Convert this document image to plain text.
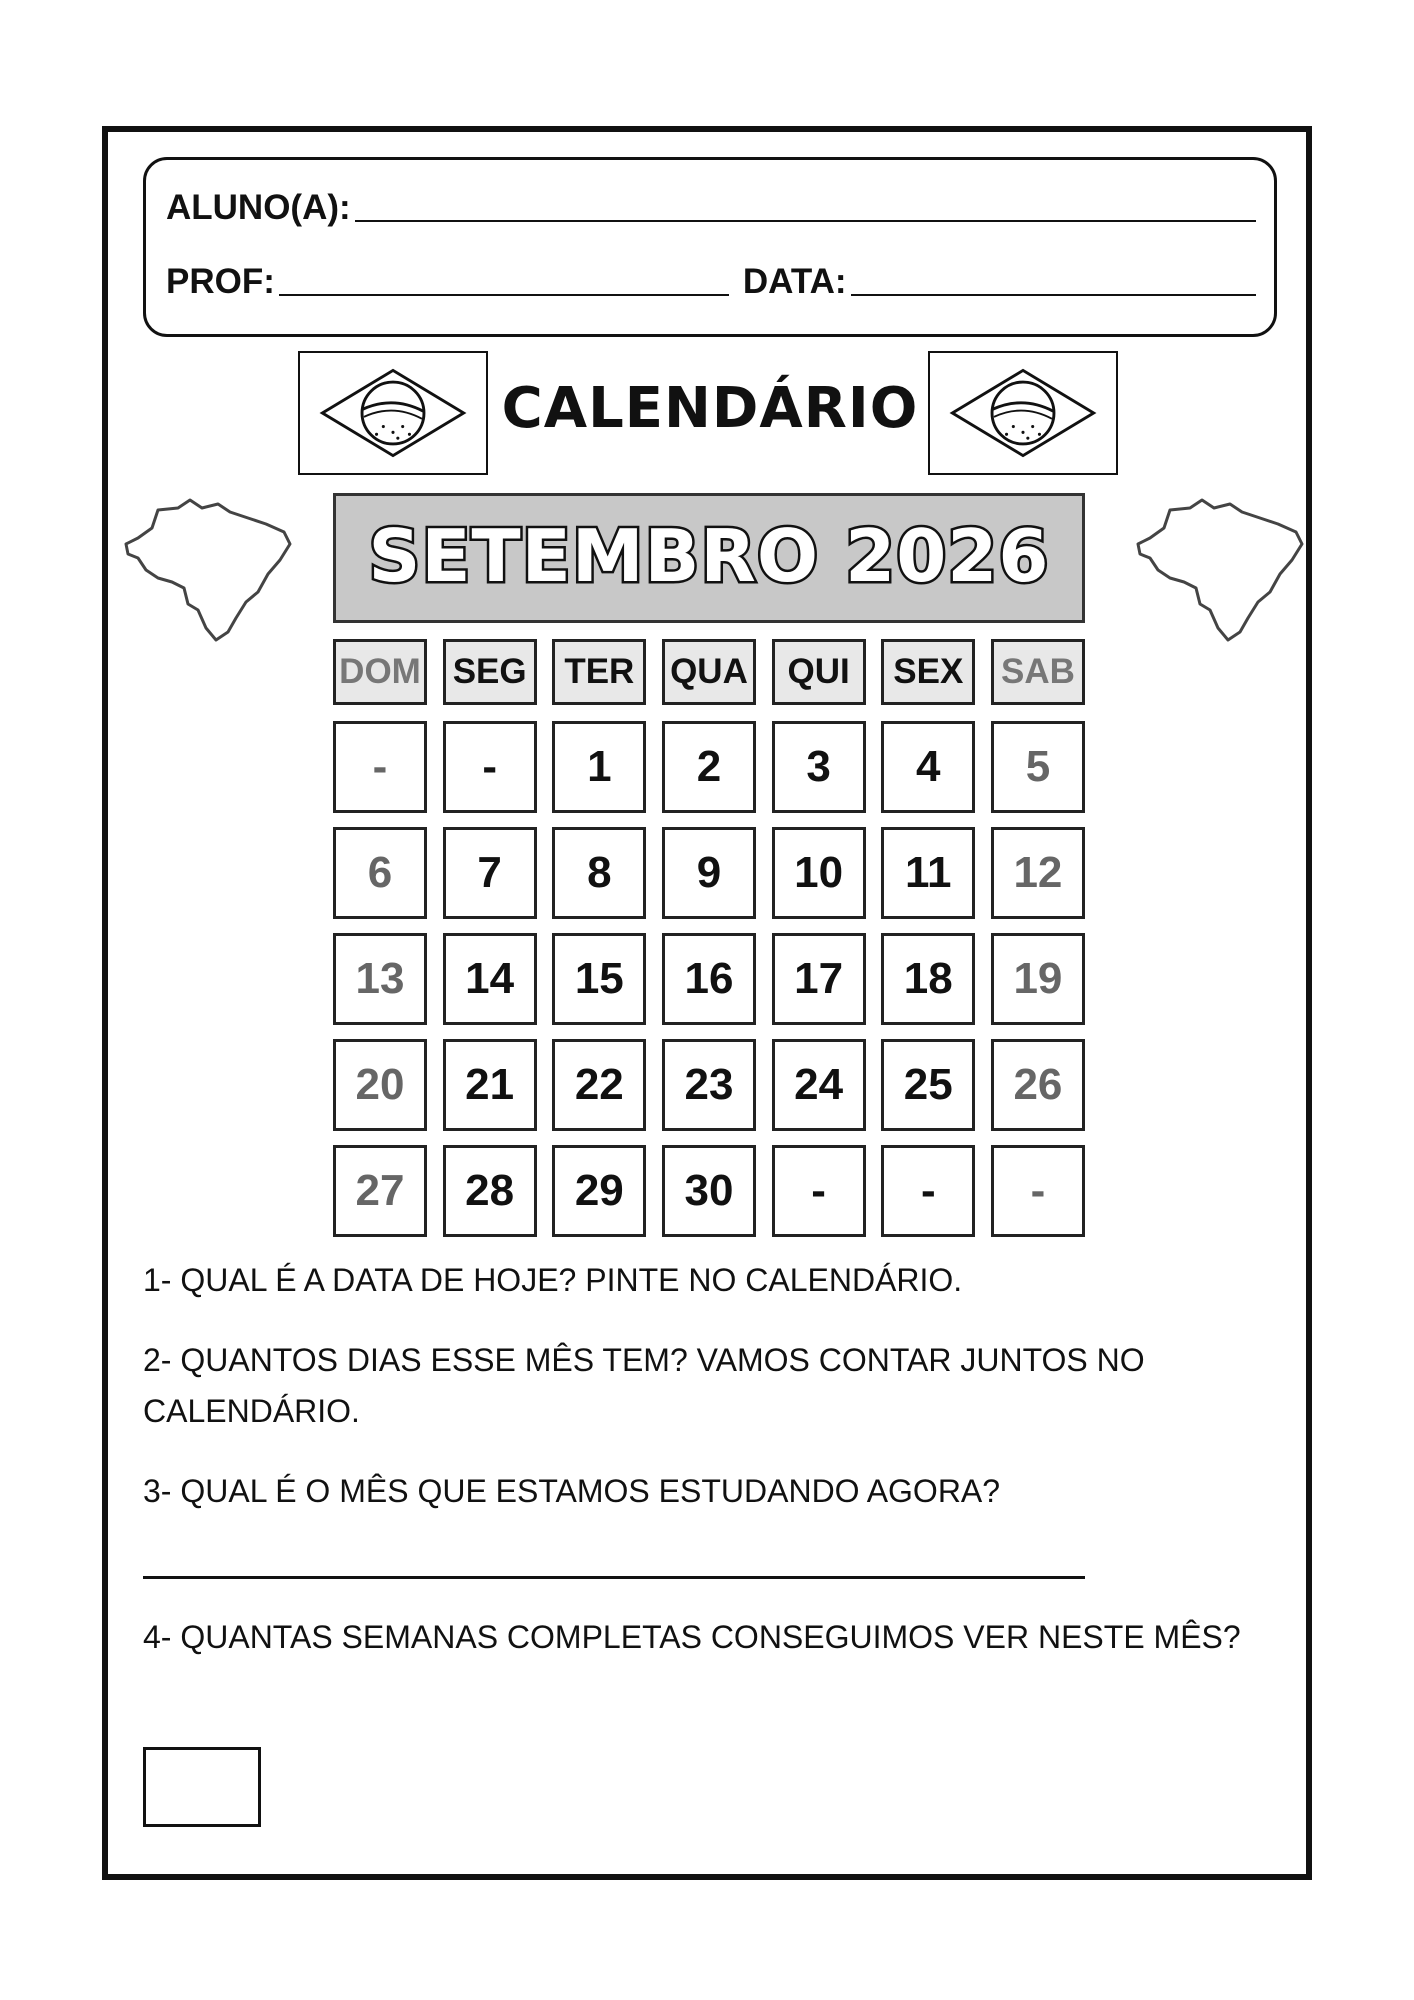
ALUNO(A):
PROF:	DATA:
CALENDÁRIO
SETEMBRO 2026
DOM SEG	TER	QUA	QUI	SEX	SAB
-	-	1	2	3	4	5
6	7	8	9	10	11	12
13	14	15	16	17	18	19
20	21	22	23	24	25	26
27	28	29	30	-	-	-

1- QUAL É A DATA DE HOJE? PINTE NO CALENDÁRIO.

2- QUANTOS DIAS ESSE MÊS TEM? VAMOS CONTAR JUNTOS NO CALENDÁRIO.

3- QUAL É O MÊS QUE ESTAMOS ESTUDANDO AGORA?

4- QUANTAS SEMANAS COMPLETAS CONSEGUIMOS VER NESTE MÊS?
